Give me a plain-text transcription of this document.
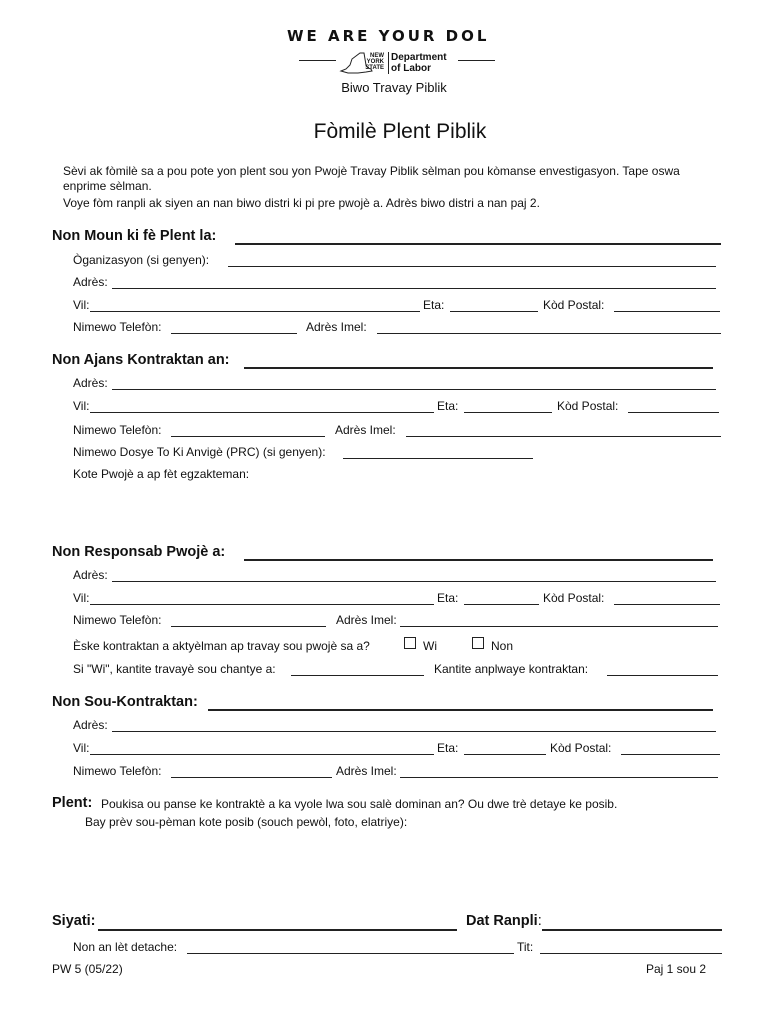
WE ARE YOUR DOL
NEW YORK STATE
Department
of Labor
Biwo Travay Piblik
Fòmilè Plent Piblik
Sèvi ak fòmilè sa a pou pote yon plent sou yon Pwojè Travay Piblik sèlman pou kòmanse envestigasyon. Tape oswa
enprime sèlman.
Voye fòm ranpli ak siyen an nan biwo distri ki pi pre pwojè a. Adrès biwo distri a nan paj 2.
Non Moun ki fè Plent la:
Òganizasyon (si genyen):
Adrès:
Vil:	Eta:	Kòd Postal:
Nimewo Telefòn:	Adrès Imel:
Non Ajans Kontraktan an:
Adrès:
Vil:	Eta:	Kòd Postal:
Nimewo Telefòn:	Adrès Imel:
Nimewo Dosye To Ki Anvigè (PRC) (si genyen):
Kote Pwojè a ap fèt egzakteman:
Non Responsab Pwojè a:
Adrès:
Vil:	Eta:	Kòd Postal:
Nimewo Telefòn:	Adrès Imel:
Èske kontraktan a aktyèlman ap travay sou pwojè sa a?	Wi	Non
Si "Wi", kantite travayè sou chantye a:	Kantite anplwaye kontraktan:
Non Sou-Kontraktan:
Adrès:
Vil:	Eta:	Kòd Postal:
Nimewo Telefòn:	Adrès Imel:
Plent: Poukisa ou panse ke kontraktè a ka vyole lwa sou salè dominan an? Ou dwe trè detaye ke posib.
Bay prèv sou-pèman kote posib (souch pewòl, foto, elatriye):
Siyati:	Dat Ranpli:
Non an lèt detache:	Tit:
PW 5 (05/22)	Paj 1 sou 2
